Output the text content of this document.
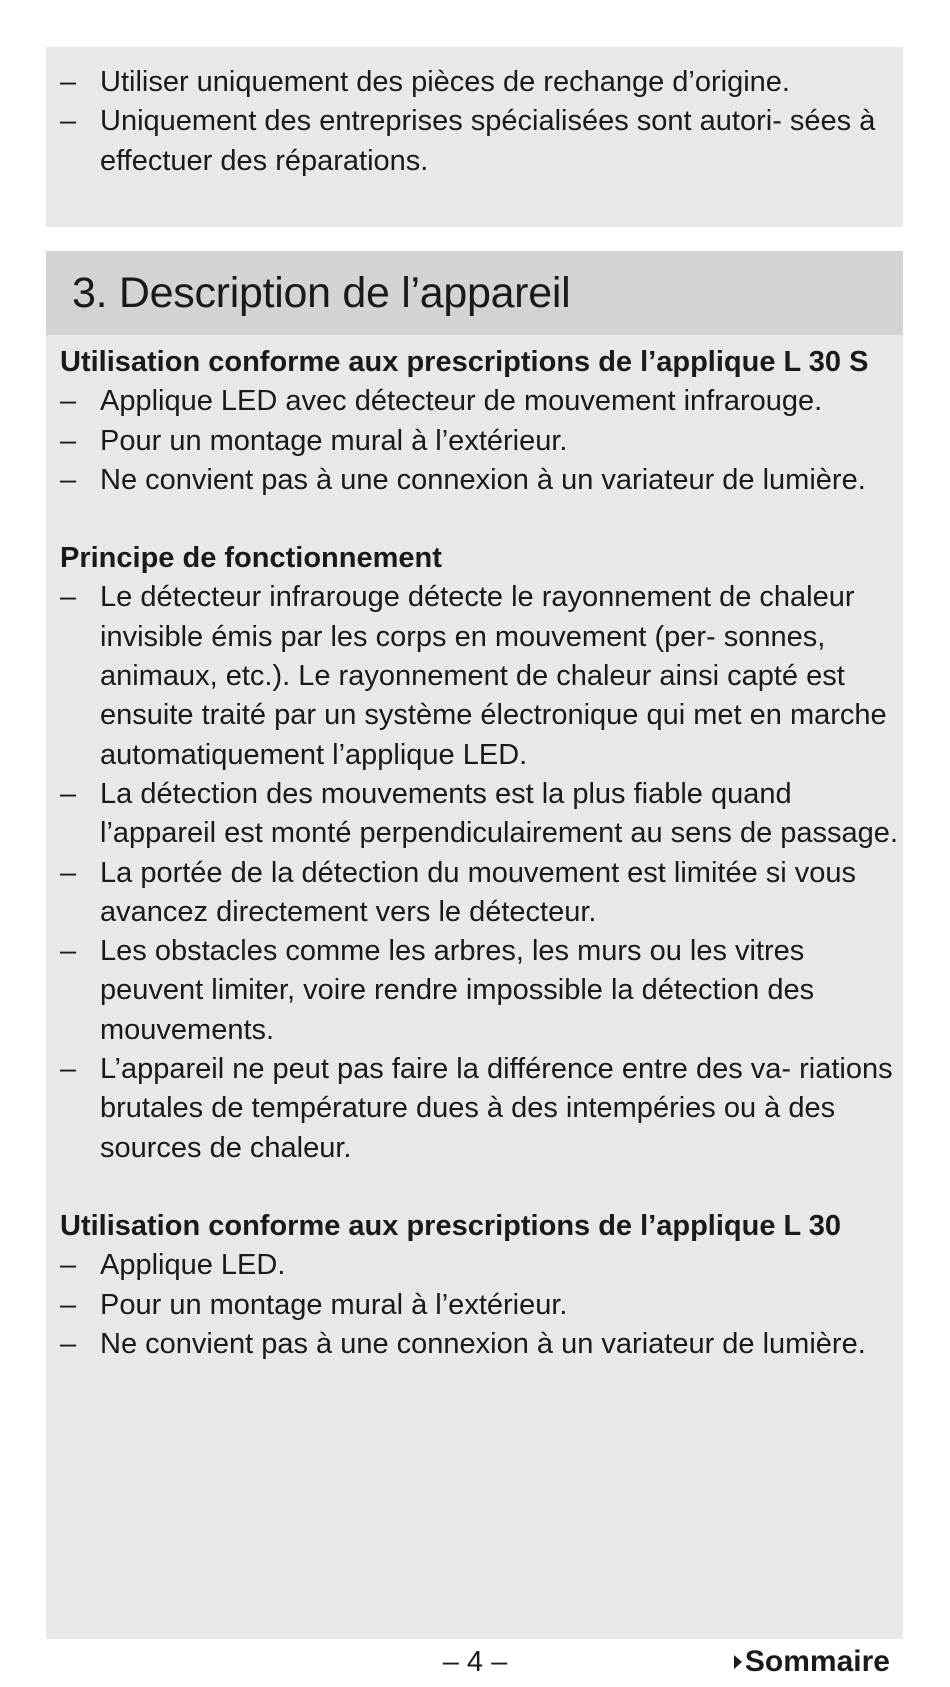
– Utiliser uniquement des pièces de rechange d’origine.
– Uniquement des entreprises spécialisées sont autori- sées à effectuer des réparations.
3. Description de l’appareil

Utilisation conforme aux prescriptions de l’applique L 30 S

– Applique LED avec détecteur de mouvement infrarouge.
– Pour un montage mural à l’extérieur.
– Ne convient pas à une connexion à un variateur de lumière.

Principe de fonctionnement

– Le détecteur infrarouge détecte le rayonnement de chaleur invisible émis par les corps en mouvement (per- sonnes, animaux, etc.). Le rayonnement de chaleur ainsi capté est ensuite traité par un système électronique qui met en marche automatiquement l’applique LED.
– La détection des mouvements est la plus fiable quand l’appareil est monté perpendiculairement au sens de passage.
– La portée de la détection du mouvement est limitée si vous avancez directement vers le détecteur.
– Les obstacles comme les arbres, les murs ou les vitres peuvent limiter, voire rendre impossible la détection des mouvements.
– L’appareil ne peut pas faire la différence entre des va- riations brutales de température dues à des intempéries ou à des sources de chaleur.

Utilisation conforme aux prescriptions de l’applique L 30

– Applique LED.
– Pour un montage mural à l’extérieur.
– Ne convient pas à une connexion à un variateur de lumière.
– 4 –	Sommaire
